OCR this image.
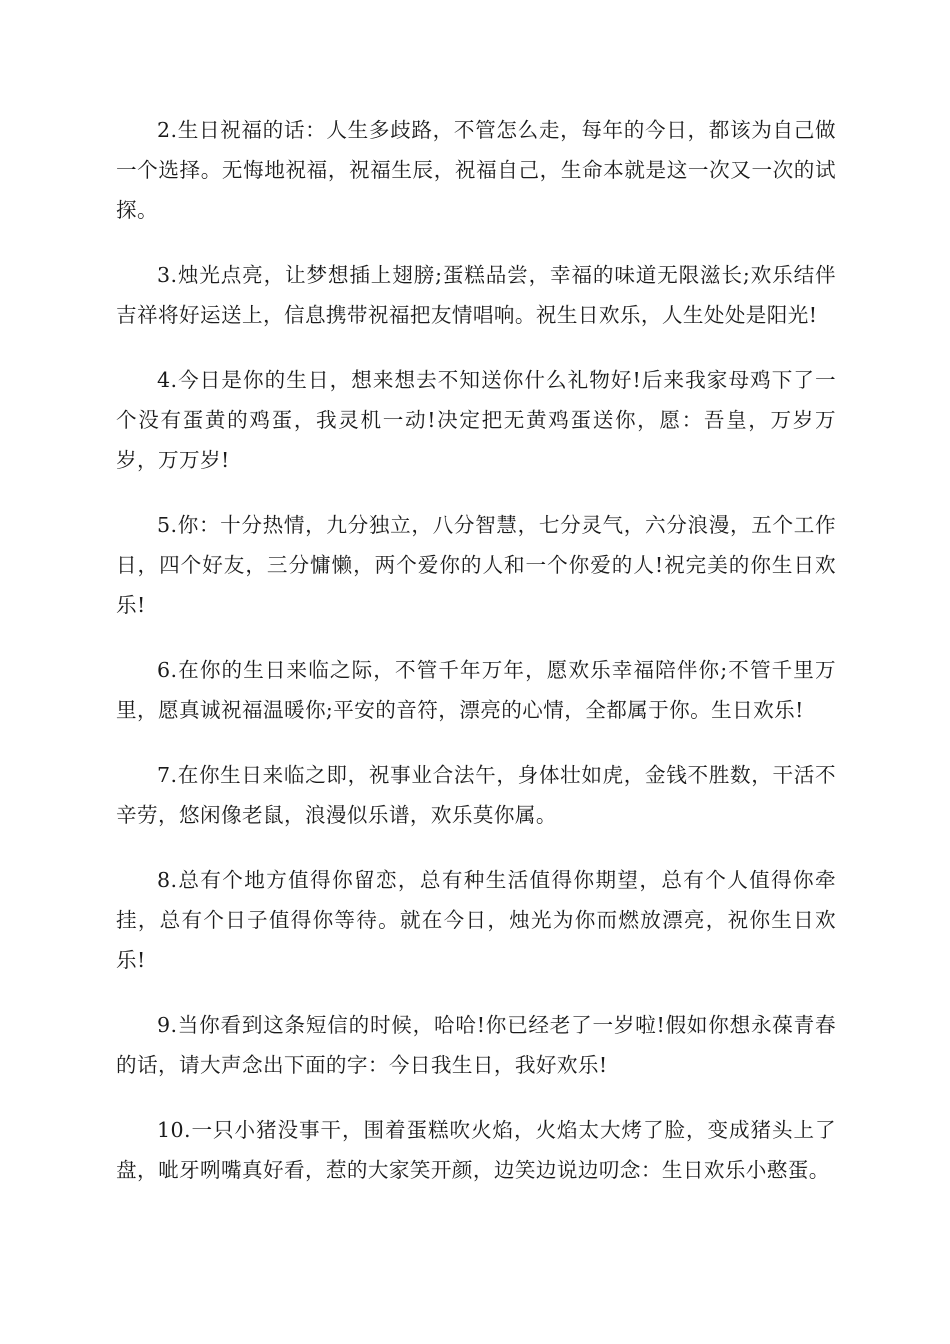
2.生日祝福的话：人生多歧路，不管怎么走，每年的今日，都该为自己做一个选择。无悔地祝福，祝福生辰，祝福自己，生命本就是这一次又一次的试探。

3.烛光点亮，让梦想插上翅膀;蛋糕品尝，幸福的味道无限滋长;欢乐结伴吉祥将好运送上，信息携带祝福把友情唱响。祝生日欢乐，人生处处是阳光!

4.今日是你的生日，想来想去不知送你什么礼物好!后来我家母鸡下了一个没有蛋黄的鸡蛋，我灵机一动!决定把无黄鸡蛋送你，愿：吾皇，万岁万岁，万万岁!

5.你：十分热情，九分独立，八分智慧，七分灵气，六分浪漫，五个工作日，四个好友，三分慵懒，两个爱你的人和一个你爱的人!祝完美的你生日欢乐!

6.在你的生日来临之际，不管千年万年，愿欢乐幸福陪伴你;不管千里万里，愿真诚祝福温暖你;平安的音符，漂亮的心情，全都属于你。生日欢乐!

7.在你生日来临之即，祝事业合法午，身体壮如虎，金钱不胜数，干活不辛劳，悠闲像老鼠，浪漫似乐谱，欢乐莫你属。

8.总有个地方值得你留恋，总有种生活值得你期望，总有个人值得你牵挂，总有个日子值得你等待。就在今日，烛光为你而燃放漂亮，祝你生日欢乐!

9.当你看到这条短信的时候，哈哈!你已经老了一岁啦!假如你想永葆青春的话，请大声念出下面的字：今日我生日，我好欢乐!

10.一只小猪没事干，围着蛋糕吹火焰，火焰太大烤了脸，变成猪头上了盘，呲牙咧嘴真好看，惹的大家笑开颜，边笑边说边叨念：生日欢乐小憨蛋。
